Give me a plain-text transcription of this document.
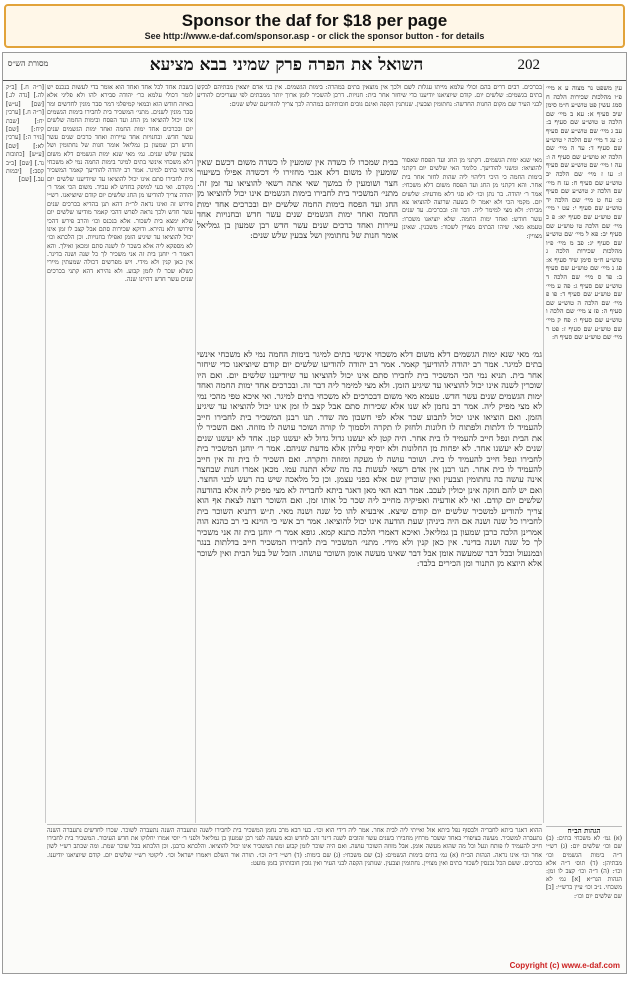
Sponsor the daf for $18 per page
See http://www.e-daf.com/sponsor.asp - or click the sponsor button - for details
202
השואל את הפרה פרק שמיני בבא מציעא
מסורת הש״ס
עין משפט נר מצוה ע א מיי׳ פ״ו מהלכות שכירות הלכה ח סמג עשין פט טוש״ע ח״מ סימן שיב סעיף א: עא ב מיי׳ שם הלכה ט טוש״ע שם סעיף ב: עב ג מיי׳ שם טוש״ע שם סעיף ג: עג ד מיי׳ שם הלכה י טוש״ע שם סעיף ד: עד ה מיי׳ שם הלכה יא טוש״ע שם סעיף ה ו: עה ו מיי׳ שם טוש״ע שם סעיף ז: עו ז מיי׳ שם הלכה יב טוש״ע שם סעיף ח: עז ח מיי׳ שם הלכה יג טוש״ע שם סעיף ט: עח ט מיי׳ שם הלכה יד טוש״ע שם סעיף י: עט י מיי׳ שם טוש״ע שם סעיף יא: פ כ מיי׳ שם הלכה טו טוש״ע שם סעיף יב: פא ל מיי׳ שם טוש״ע שם סעיף יג: פב מ מיי׳ פ״ו מהלכות שכירות הלכה ג טוש״ע ח״מ סימן שיד סעיף א: פג נ מיי׳ שם טוש״ע שם סעיף ב: פד ס מיי׳ שם הלכה ד טוש״ע שם סעיף ג: פה ע מיי׳ שם טוש״ע שם סעיף ד: פו פ מיי׳ שם הלכה ה טוש״ע שם סעיף ה: פז צ מיי׳ שם הלכה ו טוש״ע שם סעיף ו: פח ק מיי׳ שם טוש״ע שם סעיף ז: פט ר מיי׳ שם טוש״ע שם סעיף ח:
[ר״ה ח.] [ב״ק לה.] [נדה לג.] [שם] [ע״ש] [ר״ה ח.] [ערכין יח:] [שבת קיח:] [שם] [נזיר ה:] [ערכין לא:] [שם] [ע״ש] [כתובות נד.] [שם] [ב״ב קסב:] [יבמות עב.] [שם]
בשבת אחד לכל אחד ואחד הוא אומר בדי לעשות בנכנס יש לומר דכולי עלמא כר׳ יהודה סבירא להו ולא פליגי אלא באיזה חודש הוא ובמאי קמיפלגי דמר סבר מונין לחדשים ומר סבר מונין לשנים. מתני׳ המשכיר בית לחבירו בימות הגשמים אינו יכול להוציאו מן החג ועד הפסח ובימות החמה שלשים יום ובכרכים אחד ימות החמה ואחד ימות הגשמים שנים עשר חדש. ובחנויות אחד עיירות ואחד כרכים שנים עשר חדש רבן שמעון בן גמליאל אומר חנות של נחתומין ושל צבעין שלש שנים. גמ׳ מאי שנא ימות הגשמים דלא משום דלא משכחי אינשי בתים למיגר בימות החמה נמי לא משכחי אינשי בתים למיגר. אמר רב יהודה להודיעך קאמר המשכיר בית לחבירו סתם אינו יכול להוציאו עד שיודיענו שלשים יום מקודם. ואי בעי למיפק בחדש לא עביד. משום הכי אמר ר׳ יהודה צריך להודיעו מן החג שלשים יום קודם שיוציאנו. רש״י פירוש זה ואינו נראה לר״ת דהא תנן בהדיא בכרכים שנים עשר חדש ולכך נראה לפרש דהכי קאמר מודיעו שלשים יום שלא ימצא בית לשכור. אלא בנכנס וכו׳ והרב פירש דהכי פירושו ולא נהירא. ודוקא שכירות סתם אבל קצב לו זמן אינו יכול להוציאו עד שיגיע הזמן ואפילו בחנויות. וכן הלכתא וכו׳ לא מספקא ליה אלא בשכר לו לשנה סתם ומכאן ואילך. והא דאמר ר׳ יוחנן בית זה אני משכיר לך כל שנה ושנה בדינר. אין כאן קנין ולא מידי. ויש מפרשים דכולה שמעתין מיירי כשלא שכר לו לזמן קבוע. ולא נהירא דהא קתני בכרכים שנים עשר חדש דהיינו שנה.
בכרכים. רבים דרים בהם וכולי עלמא מייתו עגלות לשם ולכך אין מוצאין בתים במהרה: בימות הגשמים. אין בני אדם יוצאין מבתיהם לבקש בתים בגשמים: שלשים יום. קודם שיוציאנו יודיענו כדי שיחזר אחר בית: חנויות. דרכן להשכיר לזמן ארוך יותר ממבתים לפי שצריכים להודיע לבני העיר שם מקום החנות החדשה: נחתומין וצבעין. שנותנין הקפה ואינם גובים חובותיהם במהרה לכך צריך להודיעם שלש שנים:
מאי שנא ימות הגשמים. דקתני מן החג ועד הפסח שאסור להוציאו: ומשני להודיעך. כלומר האי שלשים יום דקתני בימות החמה כי היכי דליהוי ליה שהות לחזר אחר בית אחר. והא דקתני מן החג ועד הפסח משום דלא משכחי: אמר ר׳ יהודה. בר נתן וכו׳ לא סגי דלא מודעיה: שלשים יום. מקמי הכי ולא יאמר לו בשעה שרוצה להוציאו צא מביתי: ולא מצי למימר ליה. דבר זה: ובכרכים. עד שנים עשר חודש: ואחד ימות החמה. שלא יוציאנו משכרו: טעמא מאי. שיהו הבתים מצויין לשכור: משכנין. שאינן מצויין:
בבית שמכרו לו כשדה אין שומעין לו כשדה משום דכשם שאין שומעין לו משום דלא אנכי מחזירו לי דכשדה אפילו בשיעור חצר ושומעין לו במשך שאי אתה רשאי להוציאו עד זמן זה. מתני׳ המשכיר בית לחבירו בימות הגשמים אינו יכול להוציאו מן החג ועד הפסח בימות החמה שלשים יום ובכרכים אחד ימות החמה ואחד ימות הגשמים שנים עשר חדש ובחנויות אחד עיירות ואחד כרכים שנים עשר חדש רבן שמעון בן גמליאל אומר חנות של נחתומין ושל צבעין שלש שנים:
גמ׳ מאי שנא ימות הגשמים דלא משום דלא משכחי אינשי בתים למיגר בימות החמה נמי לא משכחי אינשי בתים למיגר. אמר רב יהודה להודיעך קאמר. אמר רב יהודה להודיעו שלשים יום קודם שיוציאנו כדי שיחזר אחר בית. תניא נמי הכי המשכיר בית לחבירו סתם אינו יכול להוציאו עד שיודיענו שלשים יום. ואם היו שוכרין לשנה אינו יכול להוציאו עד שיגיע הזמן. ולא מצי למימר ליה דבר זה. ובכרכים אחד ימות החמה ואחד ימות הגשמים שנים עשר חדש. טעמא מאי משום דבכרכים לא משכחי בתים למיגר. ואי איכא טפי מהכי נמי לא מצי מפיק ליה. אמר רב נחמן לא שנו אלא שכירות סתם אבל קצב לו זמן אינו יכול להוציאו עד שיגיע הזמן. ואם הוציאו אינו יכול לתבוע שכר אלא לפי חשבון מה שדר. תנו רבנן המשכיר בית לחבירו חייב להעמיד לו דלתות ולפתוח לו חלונות ולחזק לו תקרה ולסמוך לו קורה ושוכר עושה לו מזוזה. ואם השכיר לו את הבית ונפל חייב להעמיד לו בית אחר. היה קטן לא יעשנו גדול גדול לא יעשנו קטן. אחד לא יעשנו שנים שנים לא יעשנו אחד. לא יפחות מן החלונות ולא יוסיף עליהן אלא מדעת שניהם. אמר ר׳ יוחנן המשכיר בית לחבירו ונפל חייב להעמיד לו בית. ושוכר עושה לו מעקה ומזוזה ותקרה. ואם השכיר לו בית זה אין חייב להעמיד לו בית אחר. תנו רבנן אין אדם רשאי לעשות בה מה שלא התנה עמו. מכאן אמרו חנות שבחצר אינה עושה בה נחתומין וצבעין ואין שוכרין שם אלא בפני עצמן. וכן כל מלאכה שיש בה רעש לבני החצר. ואם יש להם חזקה אינן יכולין לעכב. אמר רבא האי מאן דאגר ביתא לחבריה לא מצי מפיק ליה אלא בהודעה שלשים יום קודם. ואי לא אודעיה ואפיקיה מחייב ליה שכר כל אותו זמן. ואם השוכר רוצה לצאת אף הוא צריך להודיע למשכיר שלשים יום קודם שיצא. איבעיא להו כל שנה ושנה מאי. ת״ש דתניא השוכר בית לחבירו כל שנה ושנה אם היה ביניהן שעת הודעה אינו יכול להוציאו. אמר רב אשי כי הוינא בי רב כהנא הוה אמרינן הלכה כרבן שמעון בן גמליאל. ואיכא דאמרי הלכה כתנא קמא. גופא אמר ר׳ יוחנן בית זה אני משכיר לך כל שנה ושנה בדינר. אין כאן קנין ולא מידי. מתני׳ המשכיר בית לחבירו המשכיר חייב בדלתות בנגר ובמנעול ובכל דבר שמעשה אומן אבל דבר שאינו מעשה אומן השוכר עושהו. הזבל של בעל הבית ואין לשוכר אלא היוצא מן התנור ומן הכירים בלבד:
ההוא דאגר ביתא לחבריה ולבסוף נפל ביתא אזל ואייתי ליה לבית אחר. אמר ליה דידי הוא וכו׳. בעי רבא מרב נחמן המשכיר בית לחבירו לשנה ונתעברה השנה נתעברה לשוכר. שכרו לחדשים נתעברה השנה נתעברה למשכיר. מעשה בציפורי באחד ששכר מרחץ מחבירו בשנים עשר זהובים לשנה דינר זהב לחדש ובא מעשה לפני רבן שמעון בן גמליאל ולפני ר׳ יוסי אמרו יחלוקו את חדש העיבור. המשכיר בית לחבירו חייב להעמיד לו פותח ונעל וכל מה שהוא מעשה אומן. אבל מזוזה השוכר עושה. ואם היה שוכר לזמן קבוע ומת המשכיר אינו יכול להוציאו. והלכתא כרבנן. וכן הלכתא בכל שוכר שמת. ומה שכתב רש״י לשון אחר וכו׳ אינו נראה. הגהות הב״ח (א) גמ׳ בתים בימות הגשמים: (ב) שם משכחי: (ג) שם בימות: (ד) רש״י ד״ה וכו׳. תורה אור השלם ויאמרו ישראל וכו׳. ליקוטי רש״י שלשים יום. קודם שיוציאנו יודיענו. בכרכים. ששם הכל נכנסין לשכור בתים ואין מצויין. נחתומין וצבעין. שנותנין הקפה לבני העיר ואין גובין חובותיהן בזמן מועט:
הגהות הב״ח
(א) גמ׳ לא משכחי בתים: (ב) שם וכו׳ שלשים יום: (ג) רש״י ד״ה בימות הגשמים וכו׳ מבתיהן: (ד) תוס׳ ד״ה אלא וכו׳: (ה) ד״ה וכו׳ קצב לו זמן: הגהות הגר״א [א] גמ׳ לא משכחי. נ״ב וכו׳ עיין ברש״י: [ב] שם שלשים יום וכו׳:
Copyright (c) www.e-daf.com
